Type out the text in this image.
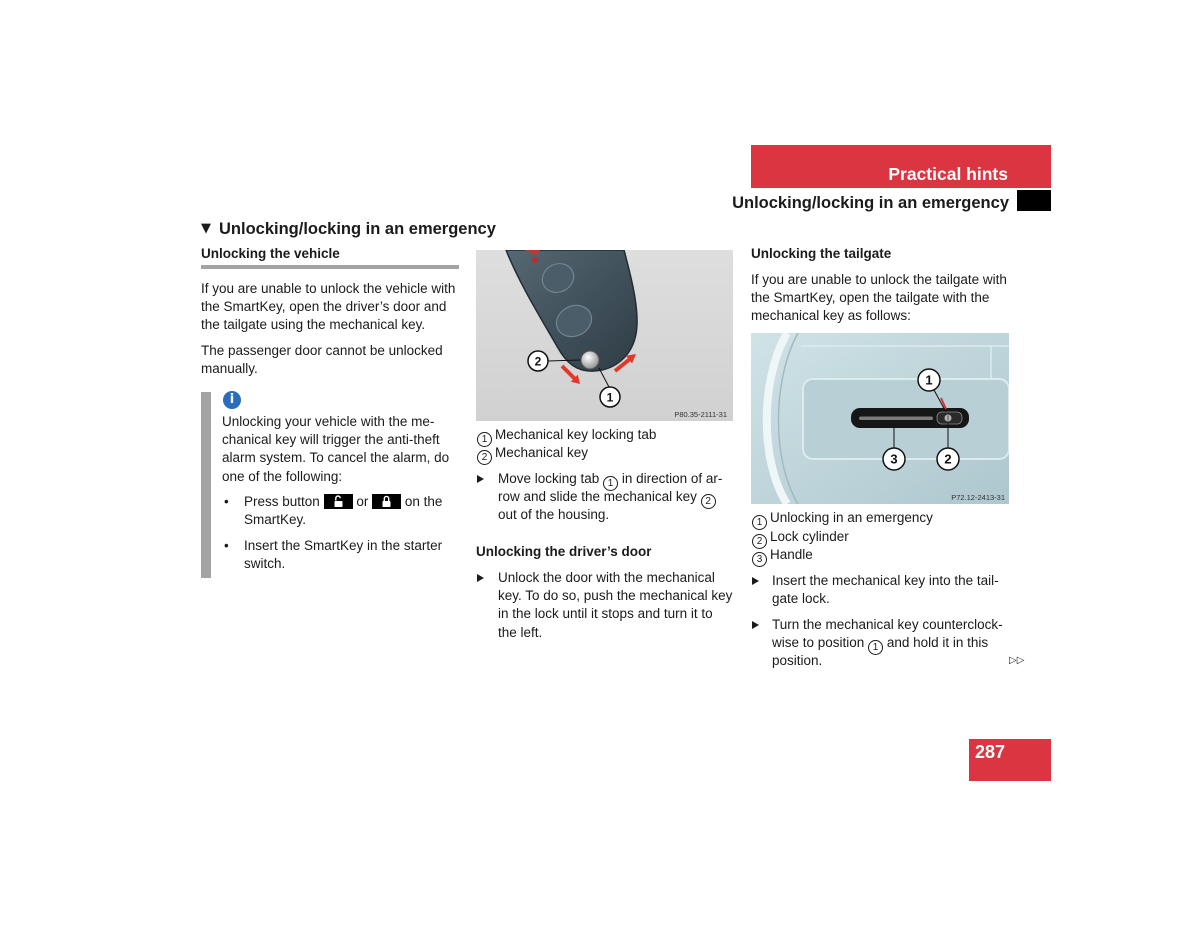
Practical hints
Unlocking/locking in an emergency
▼ Unlocking/locking in an emergency
Unlocking the vehicle
If you are unable to unlock the vehicle with
the SmartKey, open the driver’s door and
the tailgate using the mechanical key.
The passenger door cannot be unlocked
manually.
i
Unlocking your vehicle with the me-
chanical key will trigger the anti-theft
alarm system. To cancel the alarm, do
one of the following:
• Press button	or	on the
SmartKey.
• Insert the SmartKey in the starter
switch.
2
1
P80.35-2111-31
1 Mechanical key locking tab
2 Mechanical key
Move locking tab 1 in direction of ar-
row and slide the mechanical key 2
out of the housing.
Unlocking the driver’s door
Unlock the door with the mechanical
key. To do so, push the mechanical key
in the lock until it stops and turn it to
the left.
Unlocking the tailgate
If you are unable to unlock the tailgate with
the SmartKey, open the tailgate with the
mechanical key as follows:
1
3	2
P72.12-2413-31
1 Unlocking in an emergency
2 Lock cylinder
3 Handle
Insert the mechanical key into the tail-
gate lock.
Turn the mechanical key counterclock-
wise to position 1 and hold it in this
position.	▷▷
287
